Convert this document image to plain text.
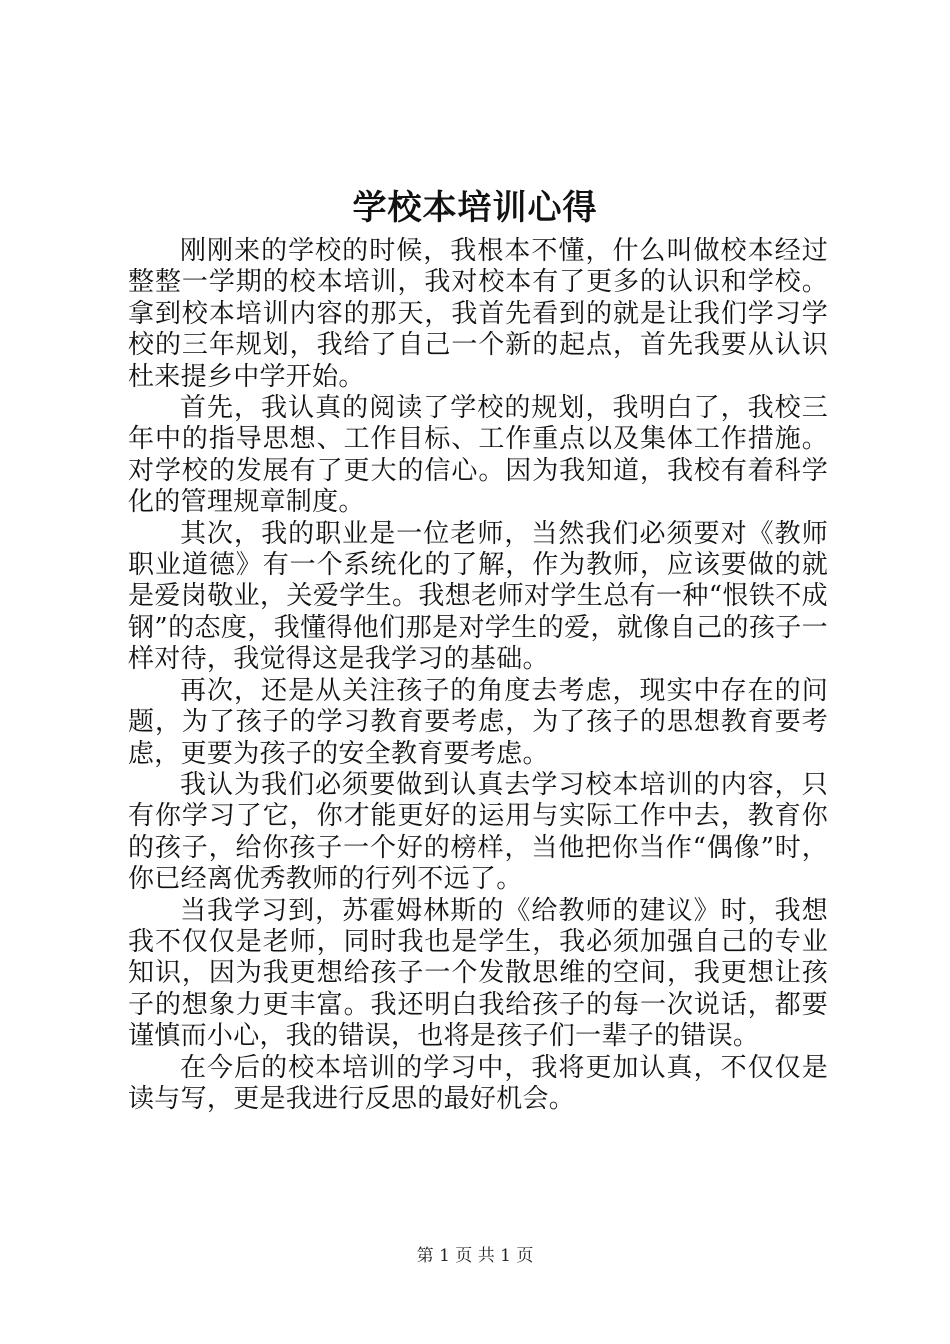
学校本培训心得

刚刚来的学校的时候，我根本不懂，什么叫做校本经过整整一学期的校本培训，我对校本有了更多的认识和学校。拿到校本培训内容的那天，我首先看到的就是让我们学习学校的三年规划，我给了自己一个新的起点，首先我要从认识杜来提乡中学开始。

首先，我认真的阅读了学校的规划，我明白了，我校三年中的指导思想、工作目标、工作重点以及集体工作措施。对学校的发展有了更大的信心。因为我知道，我校有着科学化的管理规章制度。

其次，我的职业是一位老师，当然我们必须要对《教师职业道德》有一个系统化的了解，作为教师，应该要做的就是爱岗敬业，关爱学生。我想老师对学生总有一种“恨铁不成钢”的态度，我懂得他们那是对学生的爱，就像自己的孩子一样对待，我觉得这是我学习的基础。

再次，还是从关注孩子的角度去考虑，现实中存在的问题，为了孩子的学习教育要考虑，为了孩子的思想教育要考虑，更要为孩子的安全教育要考虑。

我认为我们必须要做到认真去学习校本培训的内容，只有你学习了它，你才能更好的运用与实际工作中去，教育你的孩子，给你孩子一个好的榜样，当他把你当作“偶像”时，你已经离优秀教师的行列不远了。

当我学习到，苏霍姆林斯的《给教师的建议》时，我想我不仅仅是老师，同时我也是学生，我必须加强自己的专业知识，因为我更想给孩子一个发散思维的空间，我更想让孩子的想象力更丰富。我还明白我给孩子的每一次说话，都要谨慎而小心，我的错误，也将是孩子们一辈子的错误。

在今后的校本培训的学习中，我将更加认真，不仅仅是读与写，更是我进行反思的最好机会。

第 1 页 共 1 页
